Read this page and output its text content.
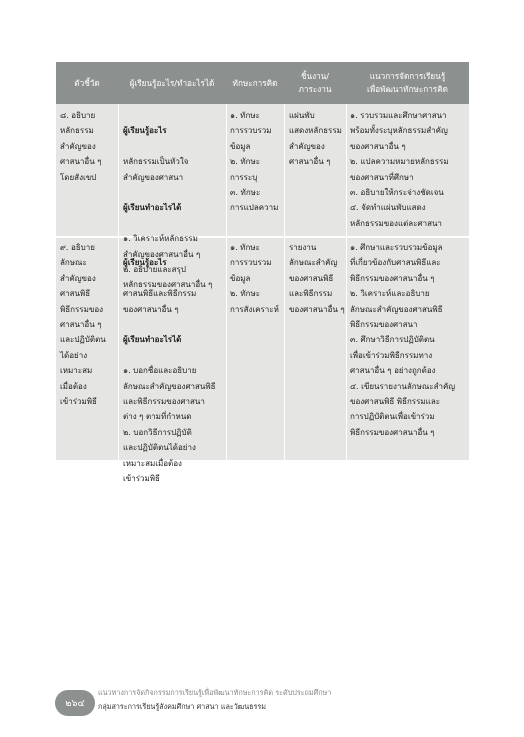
ตัวชี้วัด	ผู้เรียนรู้อะไร/ทำอะไรได้	ทักษะการคิด
ชิ้นงาน/
ภาระงาน
แนวการจัดการเรียนรู้
เพื่อพัฒนาทักษะการคิด
๘. อธิบาย
หลักธรรม
สำคัญของ
ศาสนาอื่น ๆ
โดยสังเขป

ผู้เรียนรู้อะไร

หลักธรรมเป็นหัวใจ
สำคัญของศาสนา

ผู้เรียนทำอะไรได้

๑. วิเคราะห์หลักธรรม
สำคัญของศาสนาอื่น ๆ
๒. อธิบายและสรุป
หลักธรรมของศาสนาอื่น ๆ

๑. ทักษะ
การรวบรวม
ข้อมูล
๒. ทักษะ
การระบุ
๓. ทักษะ
การแปลความ
แผ่นพับ
แสดงหลักธรรม
สำคัญของ
ศาสนาอื่น ๆ
๑. รวบรวมและศึกษาศาสนา
พร้อมทั้งระบุหลักธรรมสำคัญ
ของศาสนาอื่น ๆ
๒. แปลความหมายหลักธรรม
ของศาสนาที่ศึกษา
๓. อธิบายให้กระจ่างชัดเจน
๔. จัดทำแผ่นพับแสดง
หลักธรรมของแต่ละศาสนา
๙. อธิบาย
ลักษณะ
สำคัญของ
ศาสนพิธี
พิธีกรรมของ
ศาสนาอื่น ๆ
และปฏิบัติตน
ได้อย่าง
เหมาะสม
เมื่อต้อง
เข้าร่วมพิธี

ผู้เรียนรู้อะไร

ศาสนพิธีและพิธีกรรม
ของศาสนาอื่น ๆ

ผู้เรียนทำอะไรได้

๑. บอกชื่อและอธิบาย
ลักษณะสำคัญของศาสนพิธี
และพิธีกรรมของศาสนา
ต่าง ๆ ตามที่กำหนด
๒. บอกวิธีการปฏิบัติ
และปฏิบัติตนได้อย่าง
เหมาะสมเมื่อต้อง
เข้าร่วมพิธี

๑. ทักษะ
การรวบรวม
ข้อมูล
๒. ทักษะ
การสังเคราะห์
รายงาน
ลักษณะสำคัญ
ของศาสนพิธี
และพิธีกรรม
ของศาสนาอื่น ๆ
๑. ศึกษาและรวบรวมข้อมูล
ที่เกี่ยวข้องกับศาสนพิธีและ
พิธีกรรมของศาสนาอื่น ๆ
๒. วิเคราะห์และอธิบาย
ลักษณะสำคัญของศาสนพิธี
พิธีกรรมของศาสนา
๓. ศึกษาวิธีการปฏิบัติตน
เพื่อเข้าร่วมพิธีกรรมทาง
ศาสนาอื่น ๆ อย่างถูกต้อง
๔. เขียนรายงานลักษณะสำคัญ
ของศาสนพิธี พิธีกรรมและ
การปฏิบัติตนเพื่อเข้าร่วม
พิธีกรรมของศาสนาอื่น ๆ
๒๖๔
แนวทางการจัดกิจกรรมการเรียนรู้เพื่อพัฒนาทักษะการคิด ระดับประถมศึกษา
กลุ่มสาระการเรียนรู้สังคมศึกษา ศาสนา และวัฒนธรรม
